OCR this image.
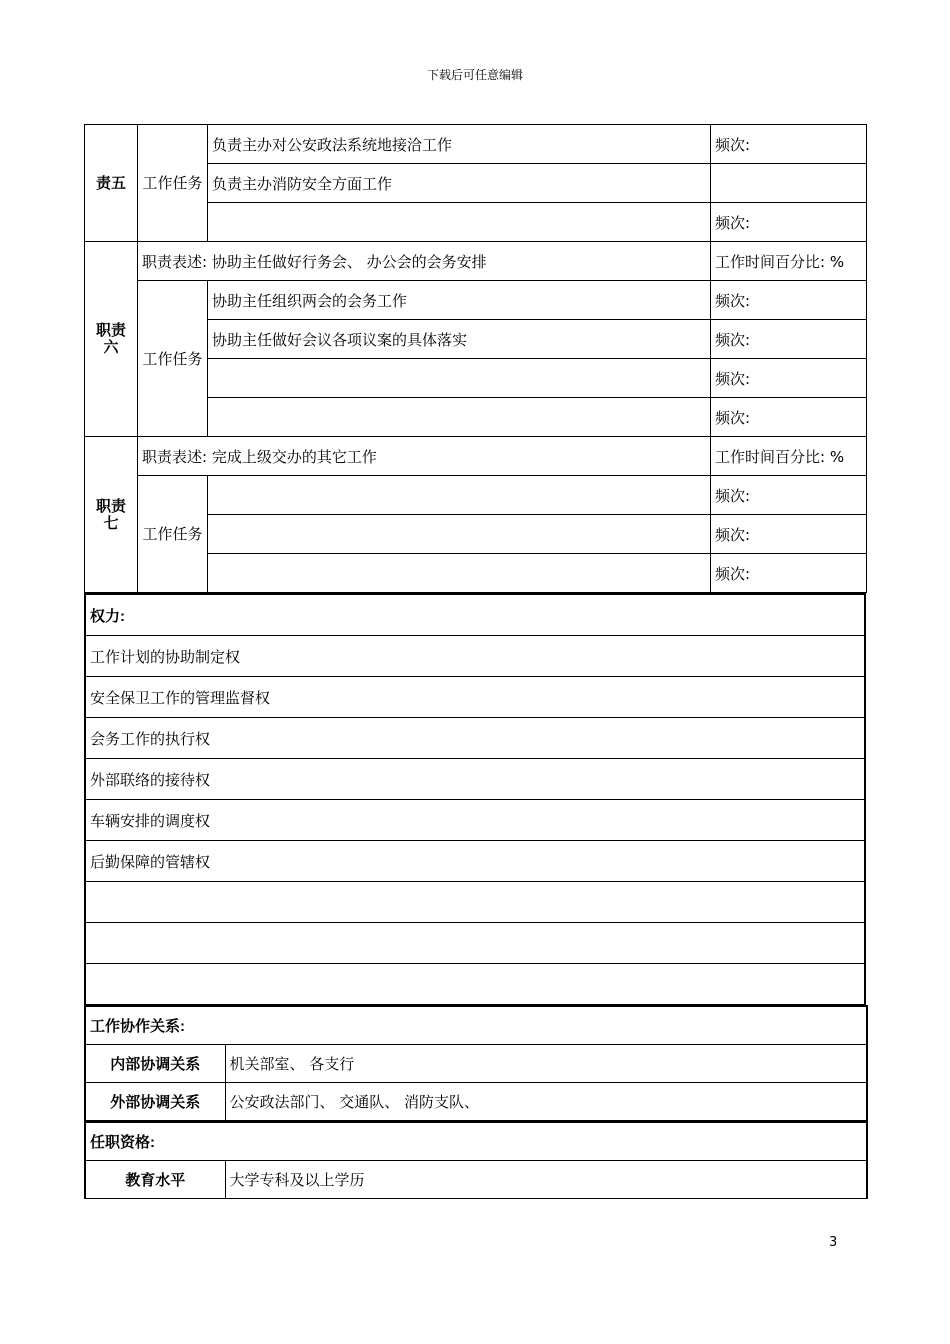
下载后可任意编辑
责五	工作任务	负责主办对公安政法系统地接洽工作	频次:
		负责主办消防安全方面工作	
			频次:
职责六	职责表述: 协助主任做好行务会、 办公会的会务安排		工作时间百分比: %
	工作任务	协助主任组织两会的会务工作	频次:
		协助主任做好会议各项议案的具体落实	频次:
			频次:
			频次:
职责七	职责表述: 完成上级交办的其它工作		工作时间百分比: %
	工作任务		频次:
			频次:
			频次:
权力:
工作计划的协助制定权
安全保卫工作的管理监督权
会务工作的执行权
外部联络的接待权
车辆安排的调度权
后勤保障的管辖权

工作协作关系:	
内部协调关系	机关部室、 各支行
外部协调关系	公安政法部门、 交通队、 消防支队、
任职资格:
教育水平	大学专科及以上学历
3
